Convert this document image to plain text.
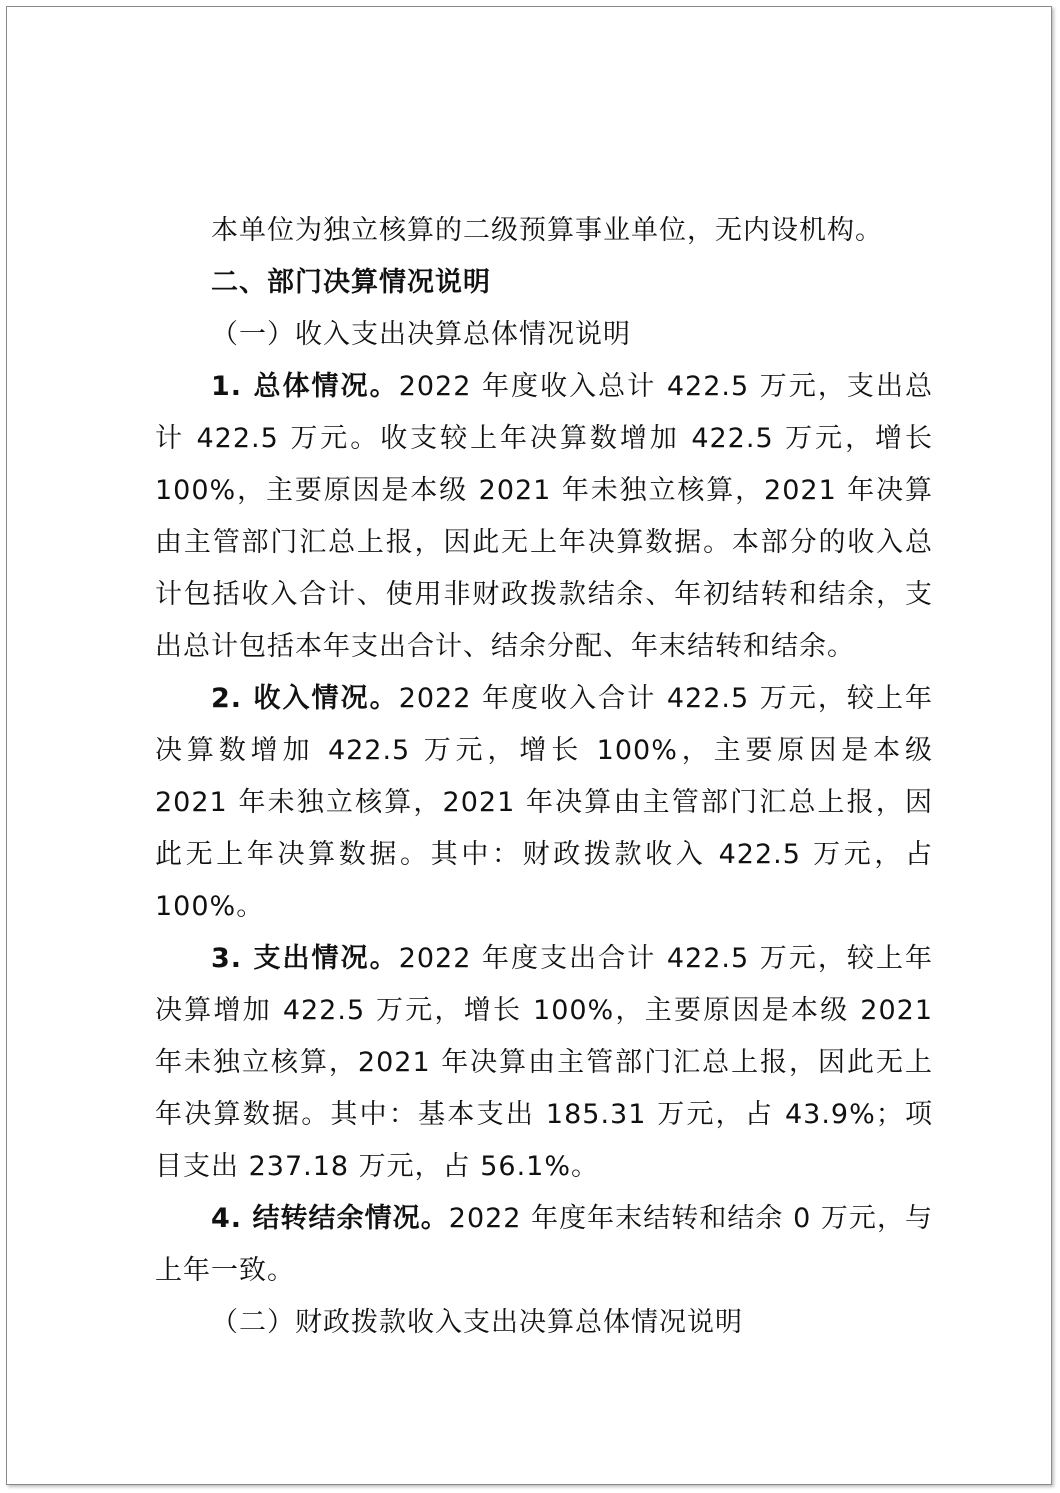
本单位为独立核算的二级预算事业单位，无内设机构。

二、部门决算情况说明

（一）收入支出决算总体情况说明

1. 总体情况。2022 年度收入总计 422.5 万元，支出总计 422.5 万元。收支较上年决算数增加 422.5 万元，增长 100%，主要原因是本级 2021 年未独立核算，2021 年决算由主管部门汇总上报，因此无上年决算数据。本部分的收入总计包括收入合计、使用非财政拨款结余、年初结转和结余，支出总计包括本年支出合计、结余分配、年末结转和结余。

2. 收入情况。2022 年度收入合计 422.5 万元，较上年决算数增加 422.5 万元，增长 100%，主要原因是本级 2021 年未独立核算，2021 年决算由主管部门汇总上报，因此无上年决算数据。其中：财政拨款收入 422.5 万元，占 100%。

3. 支出情况。2022 年度支出合计 422.5 万元，较上年决算增加 422.5 万元，增长 100%，主要原因是本级 2021 年未独立核算，2021 年决算由主管部门汇总上报，因此无上年决算数据。其中：基本支出 185.31 万元，占 43.9%；项目支出 237.18 万元，占 56.1%。

4. 结转结余情况。2022 年度年末结转和结余 0 万元，与上年一致。

（二）财政拨款收入支出决算总体情况说明
